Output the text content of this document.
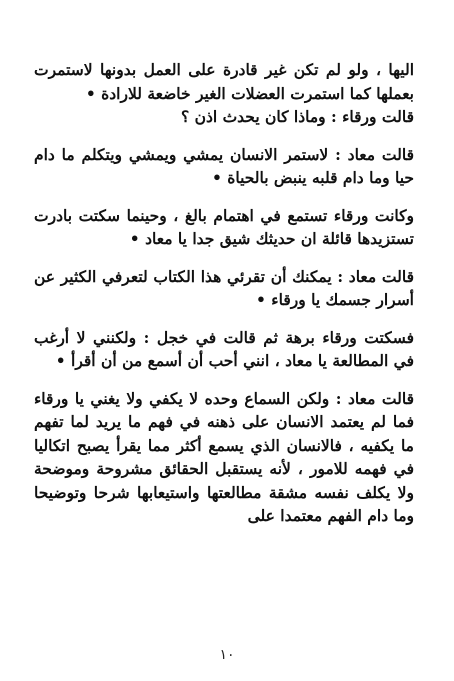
اليها ، ولو لم تكن غير قادرة على العمل بدونها لاستمرت بعملها كما استمرت العضلات الغير خاضعة للارادة •

قالت ورقاء : وماذا كان يحدث اذن ؟

قالت معاد : لاستمر الانسان يمشي ويمشي ويتكلم ما دام حيا وما دام قلبه ينبض بالحياة •

وكانت ورقاء تستمع في اهتمام بالغ ، وحينما سكتت بادرت تستزيدها قائلة ان حديثك شيق جدا يا معاد •

قالت معاد : يمكنك أن تقرئي هذا الكتاب لتعرفي الكثير عن أسرار جسمك يا ورقاء •

فسكتت ورقاء برهة ثم قالت في خجل : ولكنني لا أرغب في المطالعة يا معاد ، انني أحب أن أسمع من أن أقرأ •

قالت معاد : ولكن السماع وحده لا يكفي ولا يغني يا ورقاء فما لم يعتمد الانسان على ذهنه في فهم ما يريد لما تفهم ما يكفيه ، فالانسان الذي يسمع أكثر مما يقرأ يصبح اتكاليا في فهمه للامور ، لأنه يستقبل الحقائق مشروحة وموضحة ولا يكلف نفسه مشقة مطالعتها واستيعابها شرحا وتوضيحا وما دام الفهم معتمدا على

١٠
